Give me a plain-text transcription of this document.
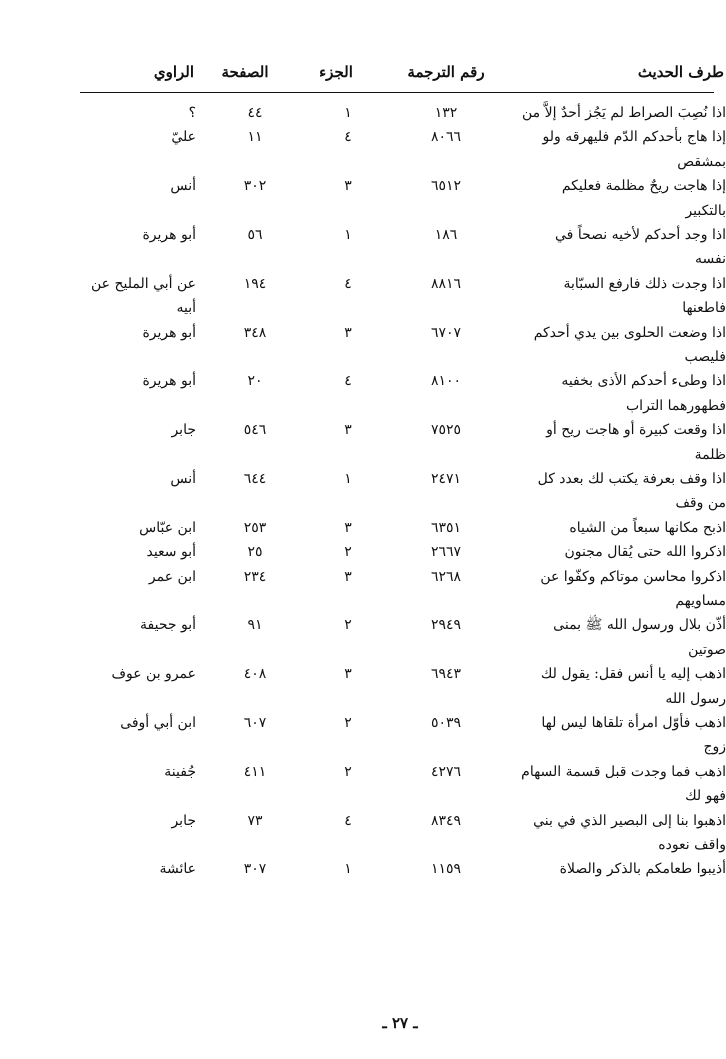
طرف الحديث
رقم الترجمة
الجزء
الصفحة
الراوي
اذا نُصِبَ الصراط لم يَجُز أحدٌ إلاَّ من
١٣٢
١
٤٤
؟
إذا هاج بأحدكم الدّم فليهرقه ولو
بمشقص
٨٠٦٦
٤
١١
عليّ
إذا هاجت ريحٌ مظلمة فعليكم
بالتكبير
٦٥١٢
٣
٣٠٢
أنس
اذا وجد أحدكم لأخيه نصحاً في
نفسه
١٨٦
١
٥٦
أبو هريرة
اذا وجدت ذلك فارفع السبّابة
فاطعنها
٨٨١٦
٤
١٩٤
عن أبي المليح عن
أبيه
اذا وضعت الحلوى بين يدي أحدكم
فليصب
٦٧٠٧
٣
٣٤٨
أبو هريرة
اذا وطىء أحدكم الأذى بخفيه
فطهورهما التراب
٨١٠٠
٤
٢٠
أبو هريرة
اذا وقعت كبيرة أو هاجت ريح أو
ظلمة
٧٥٢٥
٣
٥٤٦
جابر
اذا وقف بعرفة يكتب لك بعدد كل
من وقف
٢٤٧١
١
٦٤٤
أنس
اذبح مكانها سبعاً من الشياه
٦٣٥١
٣
٢٥٣
ابن عبّاس
اذكروا الله حتى يُقال مجنون
٢٦٦٧
٢
٢٥
أبو سعيد
اذكروا محاسن موتاكم وكفّوا عن
مساويهم
٦٢٦٨
٣
٢٣٤
ابن عمر
أذّن بلال ورسول الله ﷺ بمنى
صوتين
٢٩٤٩
٢
٩١
أبو جحيفة
اذهب إليه يا أنس فقل: يقول لك
رسول الله
٦٩٤٣
٣
٤٠٨
عمرو بن عوف
اذهب فأوّل امرأة تلقاها ليس لها
زوج
٥٠٣٩
٢
٦٠٧
ابن أبي أوفى
اذهب فما وجدت قبل قسمة السهام
فهو لك
٤٢٧٦
٢
٤١١
جُفينة
اذهبوا بنا إلى البصير الذي في بني
واقف نعوده
٨٣٤٩
٤
٧٣
جابر
أذيبوا طعامكم بالذكر والصلاة
١١٥٩
١
٣٠٧
عائشة
ـ ٢٧ ـ
